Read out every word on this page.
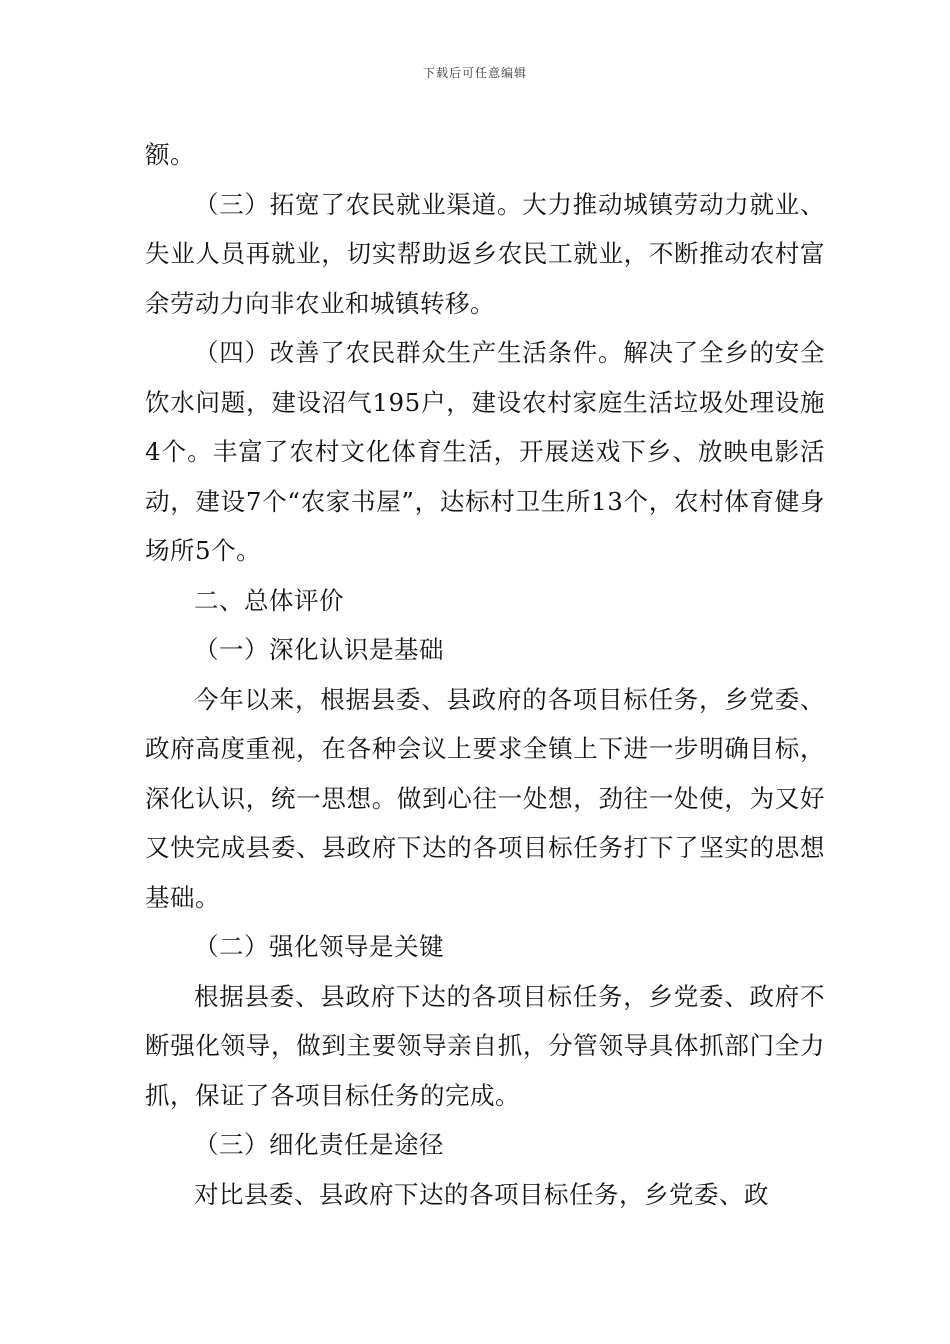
下载后可任意编辑

额。

（三）拓宽了农民就业渠道。大力推动城镇劳动力就业、失业人员再就业，切实帮助返乡农民工就业，不断推动农村富余劳动力向非农业和城镇转移。

（四）改善了农民群众生产生活条件。解决了全乡的安全饮水问题，建设沼气195户，建设农村家庭生活垃圾处理设施4个。丰富了农村文化体育生活，开展送戏下乡、放映电影活动，建设7个“农家书屋”，达标村卫生所13个，农村体育健身场所5个。

二、总体评价

（一）深化认识是基础

今年以来，根据县委、县政府的各项目标任务，乡党委、政府高度重视，在各种会议上要求全镇上下进一步明确目标，深化认识，统一思想。做到心往一处想，劲往一处使，为又好又快完成县委、县政府下达的各项目标任务打下了坚实的思想基础。

（二）强化领导是关键

根据县委、县政府下达的各项目标任务，乡党委、政府不断强化领导，做到主要领导亲自抓，分管领导具体抓部门全力抓，保证了各项目标任务的完成。

（三）细化责任是途径

对比县委、县政府下达的各项目标任务，乡党委、政
